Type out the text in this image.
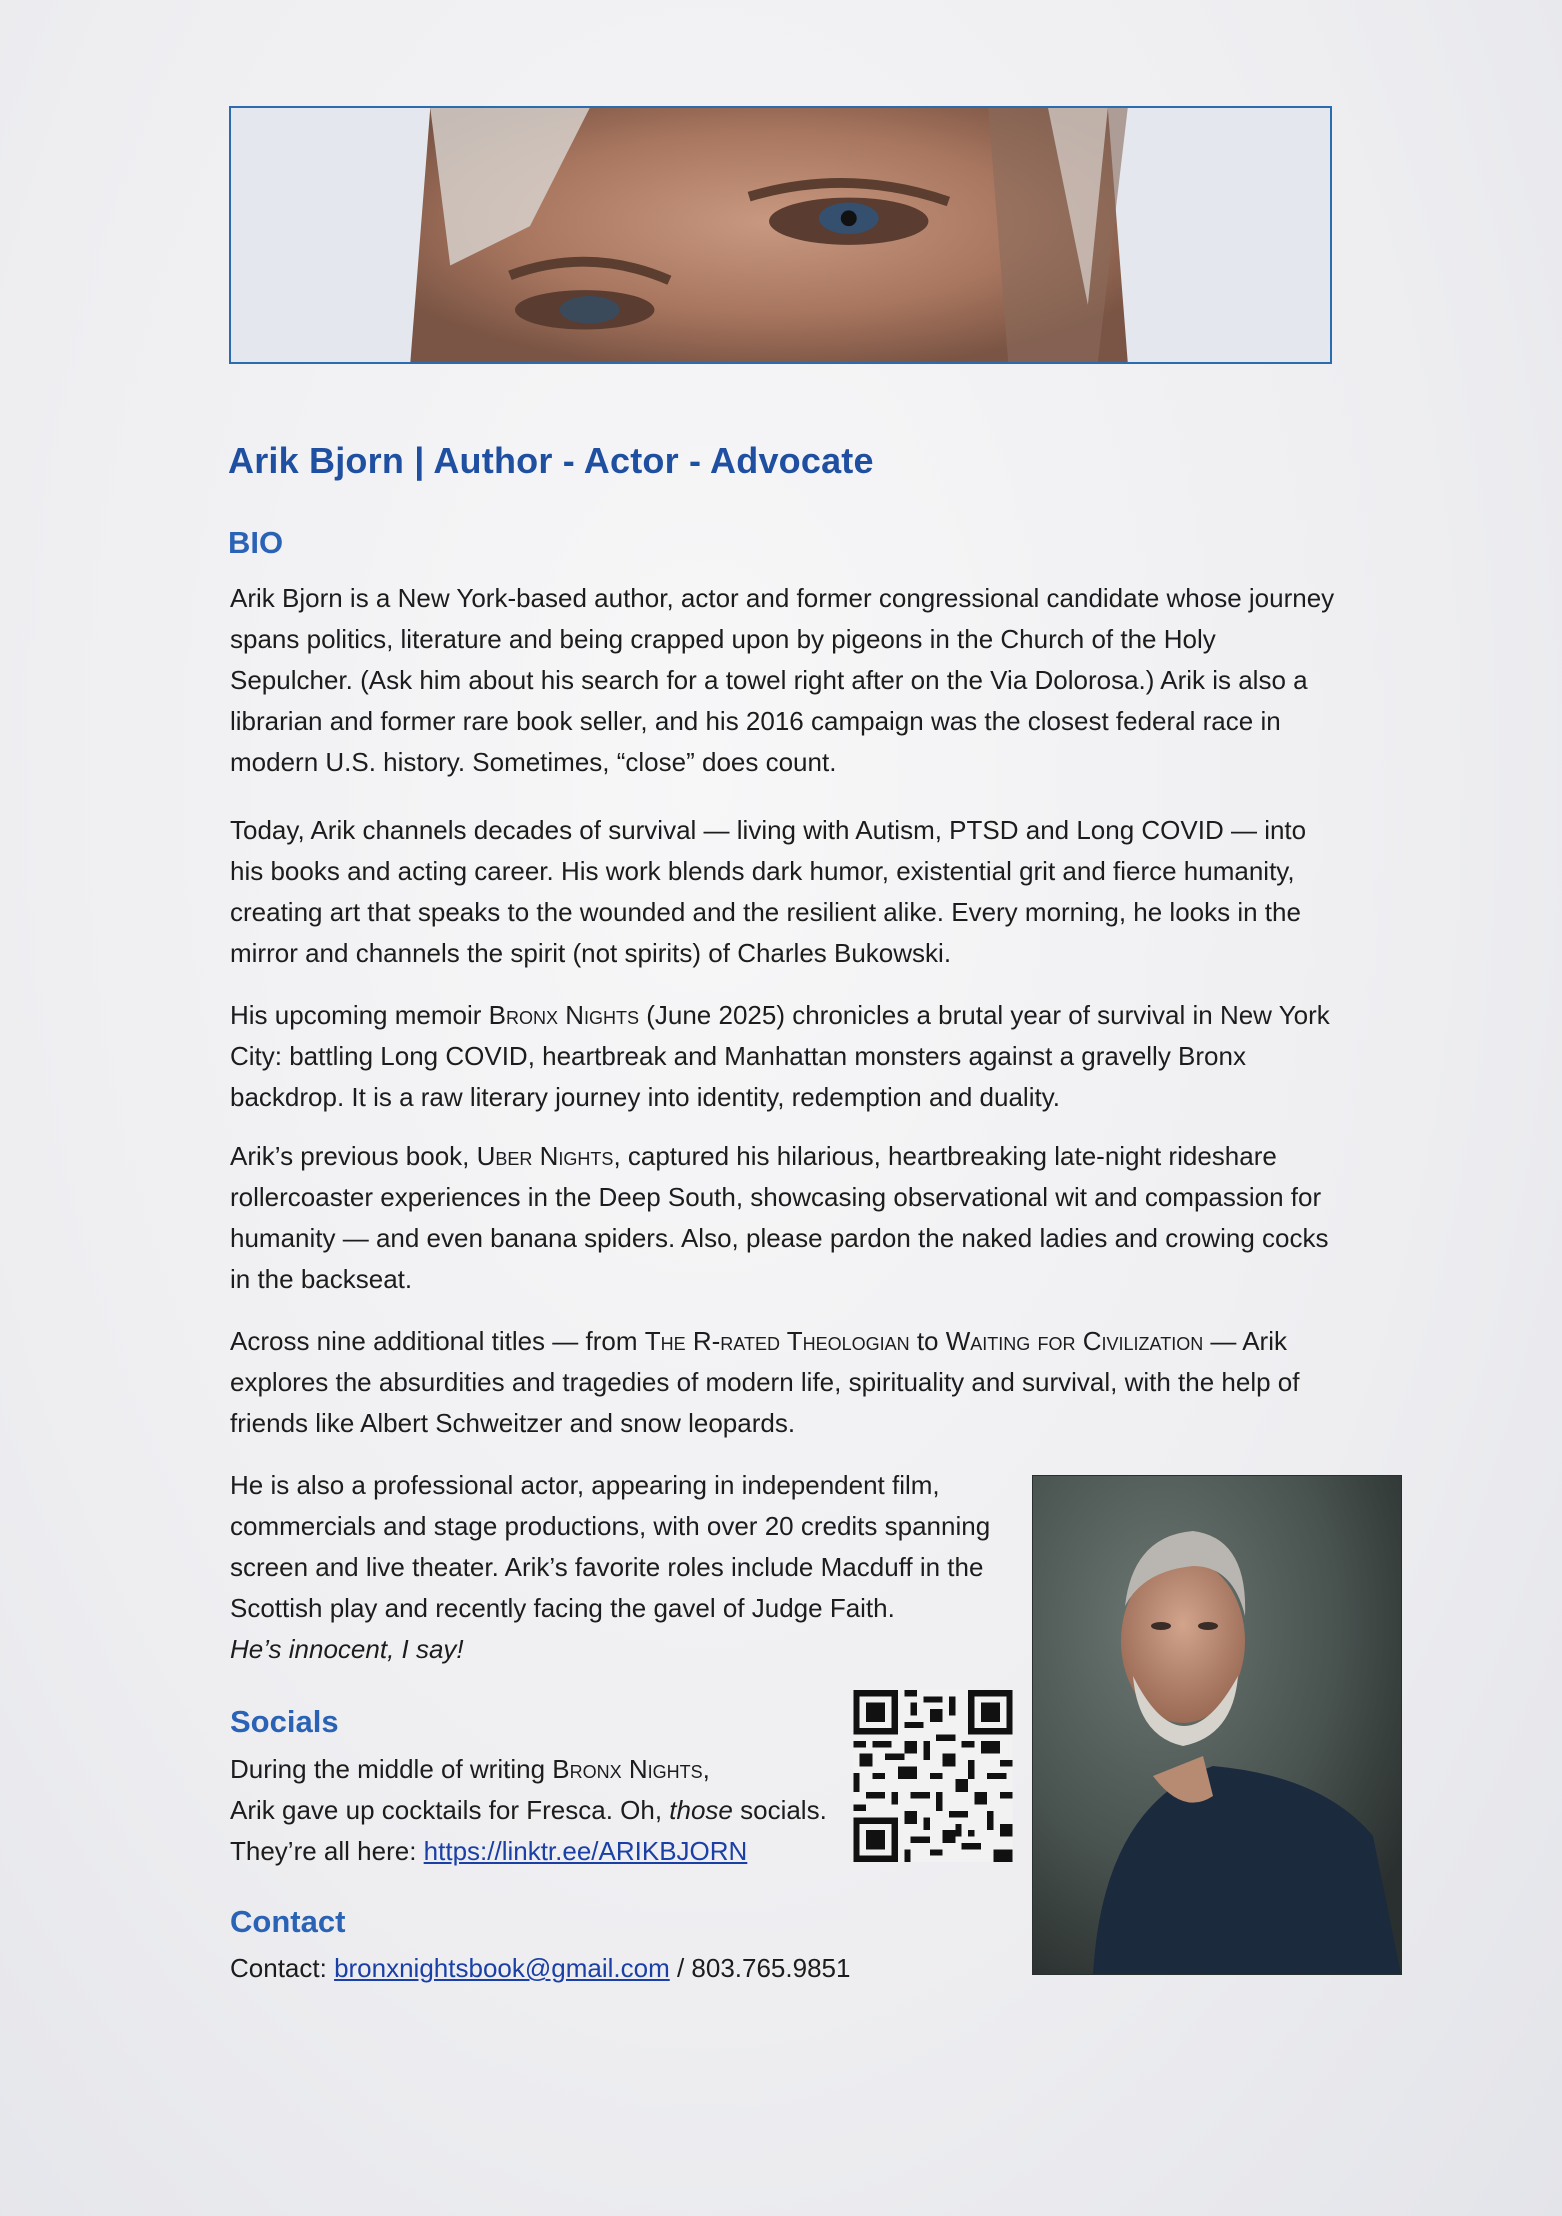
Arik Bjorn | Author - Actor - Advocate
BIO
Arik Bjorn is a New York-based author, actor and former congressional candidate whose journey spans politics, literature and being crapped upon by pigeons in the Church of the Holy Sepulcher. (Ask him about his search for a towel right after on the Via Dolorosa.) Arik is also a librarian and former rare book seller, and his 2016 campaign was the closest federal race in modern U.S. history. Sometimes, “close” does count.
Today, Arik channels decades of survival — living with Autism, PTSD and Long COVID — into his books and acting career. His work blends dark humor, existential grit and fierce humanity, creating art that speaks to the wounded and the resilient alike. Every morning, he looks in the mirror and channels the spirit (not spirits) of Charles Bukowski.
His upcoming memoir Bronx Nights (June 2025) chronicles a brutal year of survival in New York City: battling Long COVID, heartbreak and Manhattan monsters against a gravelly Bronx backdrop. It is a raw literary journey into identity, redemption and duality.
Arik’s previous book, Uber Nights, captured his hilarious, heartbreaking late-night rideshare rollercoaster experiences in the Deep South, showcasing observational wit and compassion for humanity — and even banana spiders. Also, please pardon the naked ladies and crowing cocks in the backseat.
Across nine additional titles — from The R-rated Theologian to Waiting for Civilization — Arik explores the absurdities and tragedies of modern life, spirituality and survival, with the help of friends like Albert Schweitzer and snow leopards.
He is also a professional actor, appearing in independent film, commercials and stage productions, with over 20 credits spanning screen and live theater. Arik’s favorite roles include Macduff in the Scottish play and recently facing the gavel of Judge Faith.
He’s innocent, I say!
Socials
During the middle of writing Bronx Nights,
Arik gave up cocktails for Fresca. Oh, those socials.
They’re all here: https://linktr.ee/ARIKBJORN
Contact
Contact: bronxnightsbook@gmail.com / 803.765.9851
